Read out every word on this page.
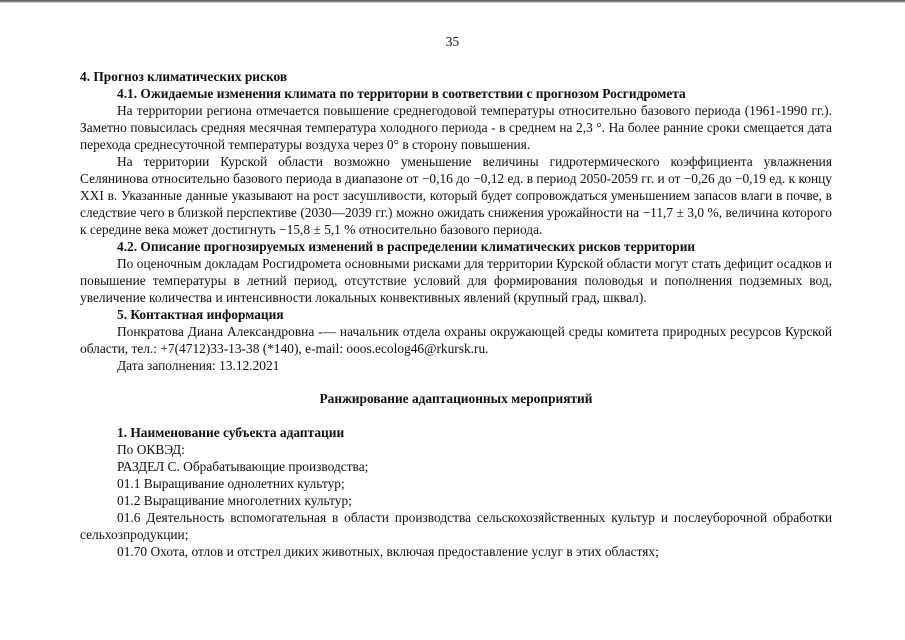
35

4. Прогноз климатических рисков

4.1. Ожидаемые изменения климата по территории в соответствии с прогнозом Росгидромета

На территории региона отмечается повышение среднегодовой температуры относительно базового периода (1961-1990 гг.). Заметно повысилась средняя месячная температура холодного периода - в среднем на 2,3 °. На более ранние сроки смещается дата перехода среднесуточной температуры воздуха через 0° в сторону повышения.

На территории Курской области возможно уменьшение величины гидротермического коэффициента увлажнения Селянинова относительно базового периода в диапазоне от −0,16 до −0,12 ед. в период 2050-2059 гг. и от −0,26 до −0,19 ед. к концу XXI в. Указанные данные указывают на рост засушливости, который будет сопровождаться уменьшением запасов влаги в почве, в следствие чего в близкой перспективе (2030—2039 гг.) можно ожидать снижения урожайности на −11,7 ± 3,0 %, величина которого к середине века может достигнуть −15,8 ± 5,1 % относительно базового периода.

4.2. Описание прогнозируемых изменений в распределении климатических рисков территории

По оценочным докладам Росгидромета основными рисками для территории Курской области могут стать дефицит осадков и повышение температуры в летний период, отсутствие условий для формирования половодья и пополнения подземных вод, увеличение количества и интенсивности локальных конвективных явлений (крупный град, шквал).

5. Контактная информация

Понкратова Диана Александровна -— начальник отдела охраны окружающей среды комитета природных ресурсов Курской области, тел.: +7(4712)33-13-38 (*140), e-mail: ooos.ecolog46@rkursk.ru.

Дата заполнения: 13.12.2021

Ранжирование адаптационных мероприятий

1. Наименование субъекта адаптации

По ОКВЭД:

РАЗДЕЛ С. Обрабатывающие производства;

01.1 Выращивание однолетних культур;

01.2 Выращивание многолетних культур;

01.6 Деятельность вспомогательная в области производства сельскохозяйственных культур и послеуборочной обработки сельхозпродукции;

01.70 Охота, отлов и отстрел диких животных, включая предоставление услуг в этих областях;
